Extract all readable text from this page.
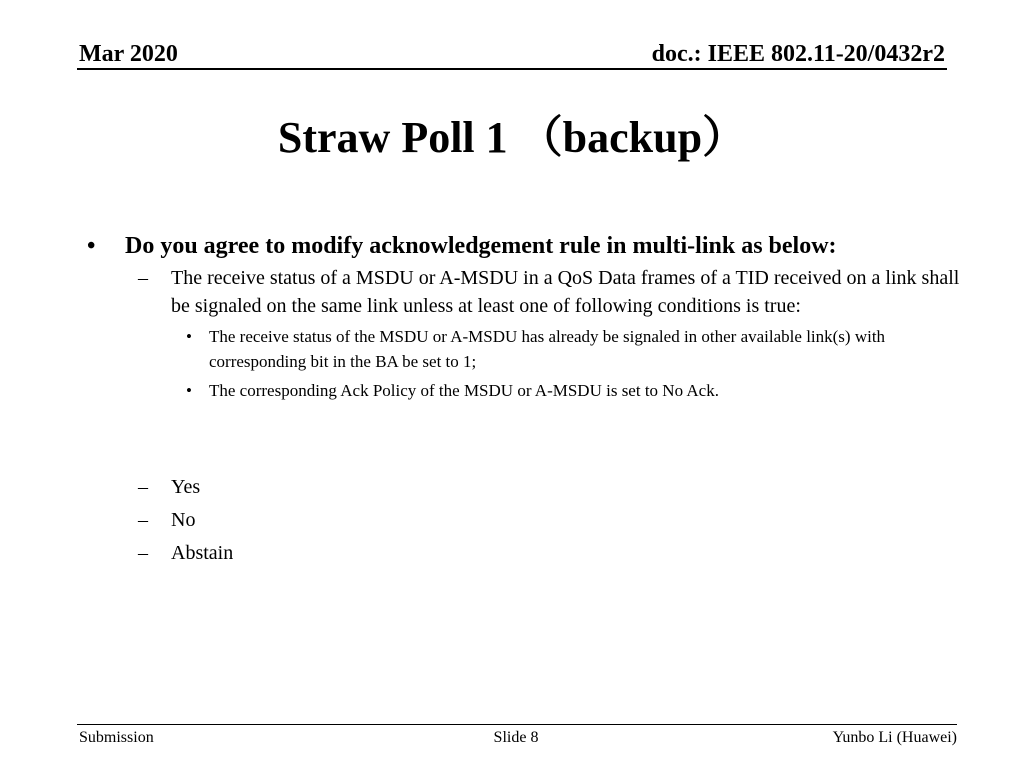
Mar 2020	doc.: IEEE 802.11-20/0432r2
Straw Poll 1 （backup）
• Do you agree to modify acknowledgement rule in multi-link as below:
– The receive status of a MSDU or A-MSDU in a QoS Data frames of a TID received on a link shall be signaled on the same link unless at least one of following conditions is true:
• The receive status of the MSDU or A-MSDU has already be signaled in other available link(s) with corresponding bit in the BA be set to 1;
• The corresponding Ack Policy of the MSDU or A-MSDU is set to No Ack.
– Yes
– No
– Abstain
Submission	Slide 8	Yunbo Li (Huawei)
